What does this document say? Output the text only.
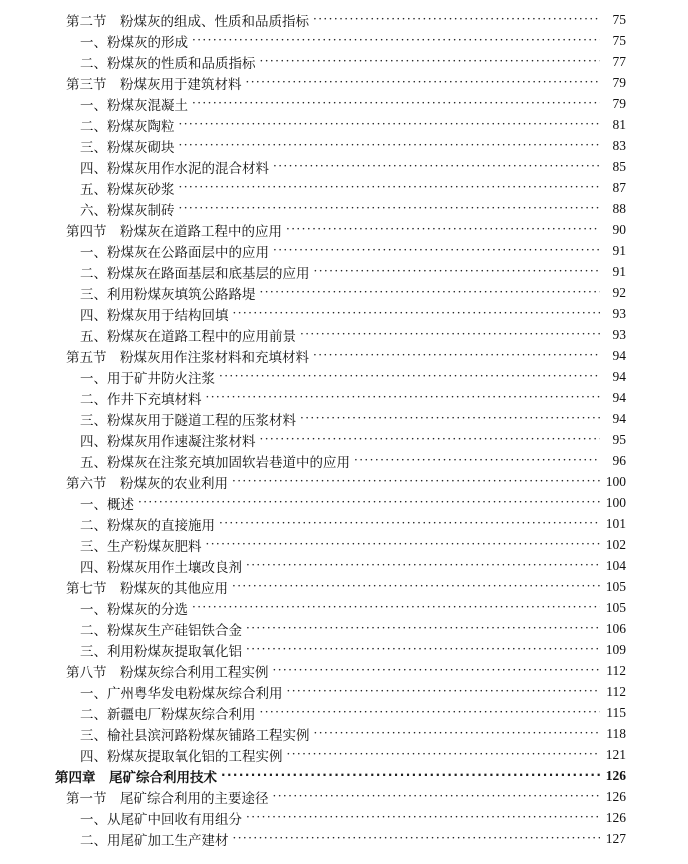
第二节　粉煤灰的组成、性质和品质指标 ·····	75
一、粉煤灰的形成 ·····	75
二、粉煤灰的性质和品质指标 ·····	77
第三节　粉煤灰用于建筑材料 ·····	79
一、粉煤灰混凝土 ·····	79
二、粉煤灰陶粒 ·····	81
三、粉煤灰砌块 ·····	83
四、粉煤灰用作水泥的混合材料 ·····	85
五、粉煤灰砂浆 ·····	87
六、粉煤灰制砖 ·····	88
第四节　粉煤灰在道路工程中的应用 ·····	90
一、粉煤灰在公路面层中的应用 ·····	91
二、粉煤灰在路面基层和底基层的应用 ·····	91
三、利用粉煤灰填筑公路路堤 ·····	92
四、粉煤灰用于结构回填 ·····	93
五、粉煤灰在道路工程中的应用前景 ·····	93
第五节　粉煤灰用作注浆材料和充填材料 ·····	94
一、用于矿井防火注浆 ·····	94
二、作井下充填材料 ·····	94
三、粉煤灰用于隧道工程的压浆材料 ·····	94
四、粉煤灰用作速凝注浆材料 ·····	95
五、粉煤灰在注浆充填加固软岩巷道中的应用 ·····	96
第六节　粉煤灰的农业利用 ·····	100
一、概述 ·····	100
二、粉煤灰的直接施用 ·····	101
三、生产粉煤灰肥料 ·····	102
四、粉煤灰用作土壤改良剂 ·····	104
第七节　粉煤灰的其他应用 ·····	105
一、粉煤灰的分选 ·····	105
二、粉煤灰生产硅铝铁合金 ·····	106
三、利用粉煤灰提取氧化铝 ·····	109
第八节　粉煤灰综合利用工程实例 ·····	112
一、广州粤华发电粉煤灰综合利用 ·····	112
二、新疆电厂粉煤灰综合利用 ·····	115
三、榆社县滨河路粉煤灰铺路工程实例 ·····	118
四、粉煤灰提取氧化铝的工程实例 ·····	121
第四章　尾矿综合利用技术 ·····	126
第一节　尾矿综合利用的主要途径 ·····	126
一、从尾矿中回收有用组分 ·····	126
二、用尾矿加工生产建材 ·····	127
